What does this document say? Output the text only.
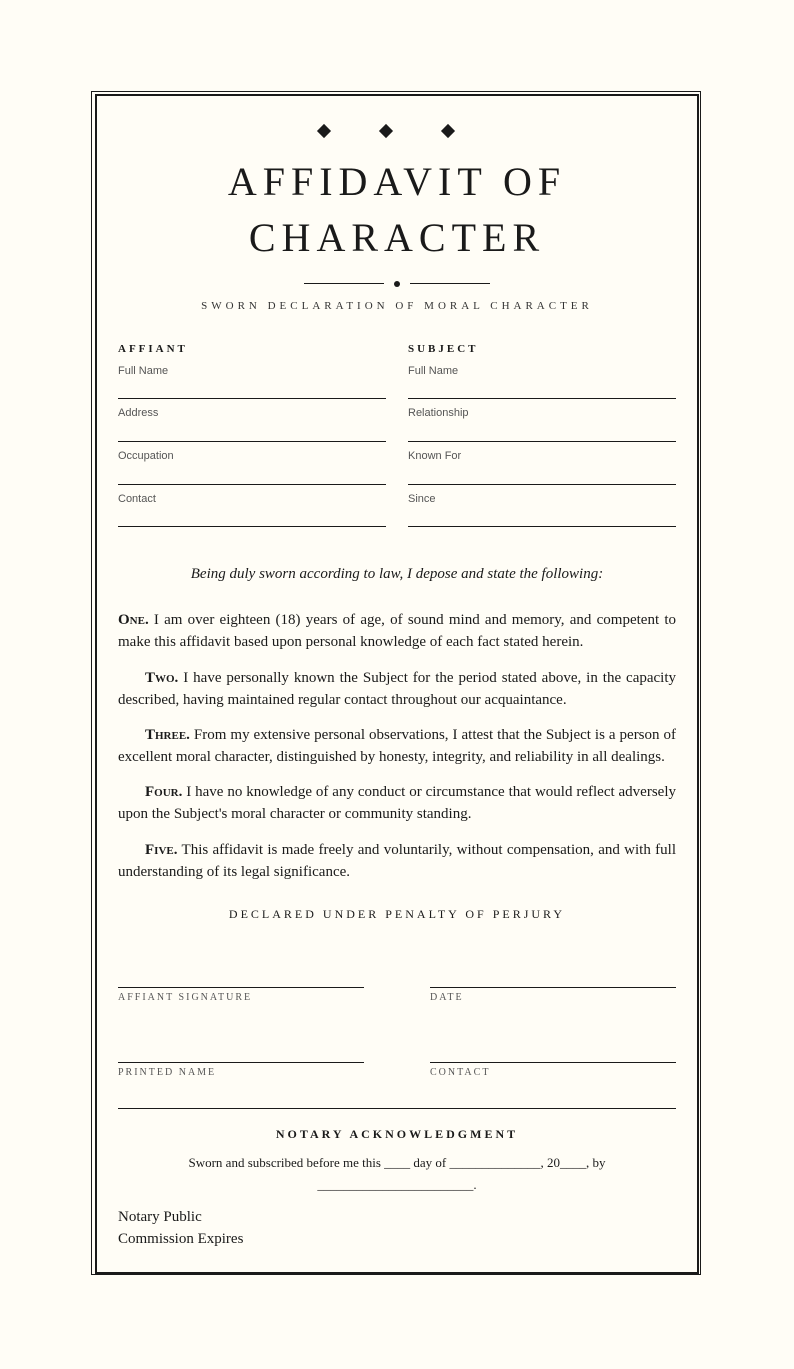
AFFIDAVIT OF
CHARACTER
SWORN DECLARATION OF MORAL CHARACTER
AFFIANT
Full Name
Address
Occupation
Contact
SUBJECT
Full Name
Relationship
Known For
Since
Being duly sworn according to law, I depose and state the following:

One. I am over eighteen (18) years of age, of sound mind and memory, and competent to make this affidavit based upon personal knowledge of each fact stated herein.

Two. I have personally known the Subject for the period stated above, in the capacity described, having maintained regular contact throughout our acquaintance.

Three. From my extensive personal observations, I attest that the Subject is a person of excellent moral character, distinguished by honesty, integrity, and reliability in all dealings.

Four. I have no knowledge of any conduct or circumstance that would reflect adversely upon the Subject's moral character or community standing.

Five. This affidavit is made freely and voluntarily, without compensation, and with full understanding of its legal significance.

DECLARED UNDER PENALTY OF PERJURY
AFFIANT SIGNATURE	DATE
PRINTED NAME	CONTACT
NOTARY ACKNOWLEDGMENT
Sworn and subscribed before me this ____ day of ______________, 20____, by
________________________.
Notary Public
Commission Expires
